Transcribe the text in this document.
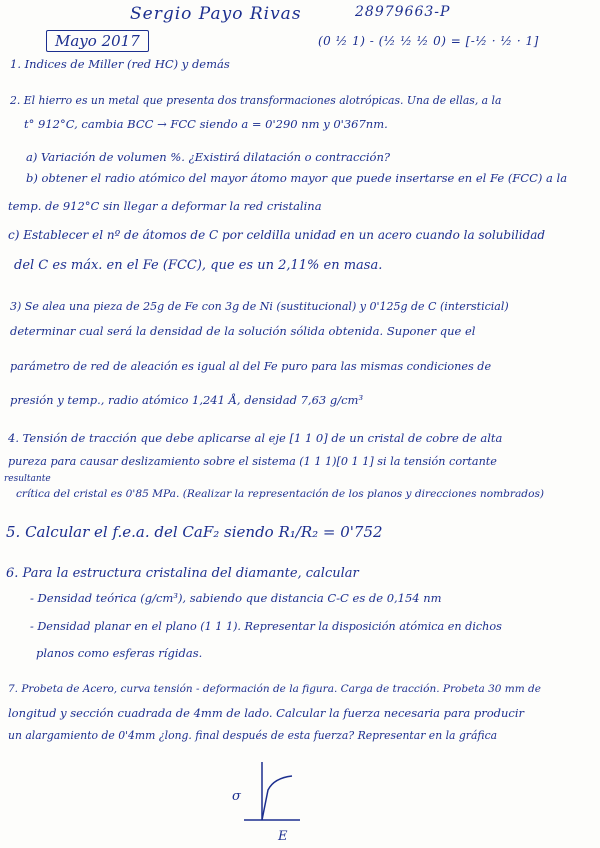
Sergio Payo Rivas	28979663-P
Mayo 2017	(0 ½ 1) - (½ ½ ½ 0) = [-½ · ½ · 1]
1. Indices de Miller (red HC) y demás
2. El hierro es un metal que presenta dos transformaciones alotrópicas. Una de ellas, a la
t° 912°C, cambia BCC → FCC siendo a = 0'290 nm y 0'367nm.
a) Variación de volumen %. ¿Existirá dilatación o contracción?
b) obtener el radio atómico del mayor átomo mayor que puede insertarse en el Fe (FCC) a la
temp. de 912°C sin llegar a deformar la red cristalina
c) Establecer el nº de átomos de C por celdilla unidad en un acero cuando la solubilidad
del C es máx. en el Fe (FCC), que es un 2,11% en masa.
3) Se alea una pieza de 25g de Fe con 3g de Ni (sustitucional) y 0'125g de C (intersticial)
determinar cual será la densidad de la solución sólida obtenida. Suponer que el
parámetro de red de aleación es igual al del Fe puro para las mismas condiciones de
presión y temp., radio atómico 1,241 Å, densidad 7,63 g/cm³
4. Tensión de tracción que debe aplicarse al eje [1 1 0] de un cristal de cobre de alta
pureza para causar deslizamiento sobre el sistema (1 1 1)[0 1 1] si la tensión cortante
resultante
crítica del cristal es 0'85 MPa. (Realizar la representación de los planos y direcciones nombrados)
5. Calcular el f.e.a. del CaF₂ siendo R₁/R₂ = 0'752
6. Para la estructura cristalina del diamante, calcular
- Densidad teórica (g/cm³), sabiendo que distancia C-C es de 0,154 nm
- Densidad planar en el plano (1 1 1). Representar la disposición atómica en dichos
planos como esferas rígidas.
7. Probeta de Acero, curva tensión - deformación de la figura. Carga de tracción. Probeta 30 mm de
longitud y sección cuadrada de 4mm de lado. Calcular la fuerza necesaria para producir
un alargamiento de 0'4mm ¿long. final después de esta fuerza? Representar en la gráfica
σ
E
